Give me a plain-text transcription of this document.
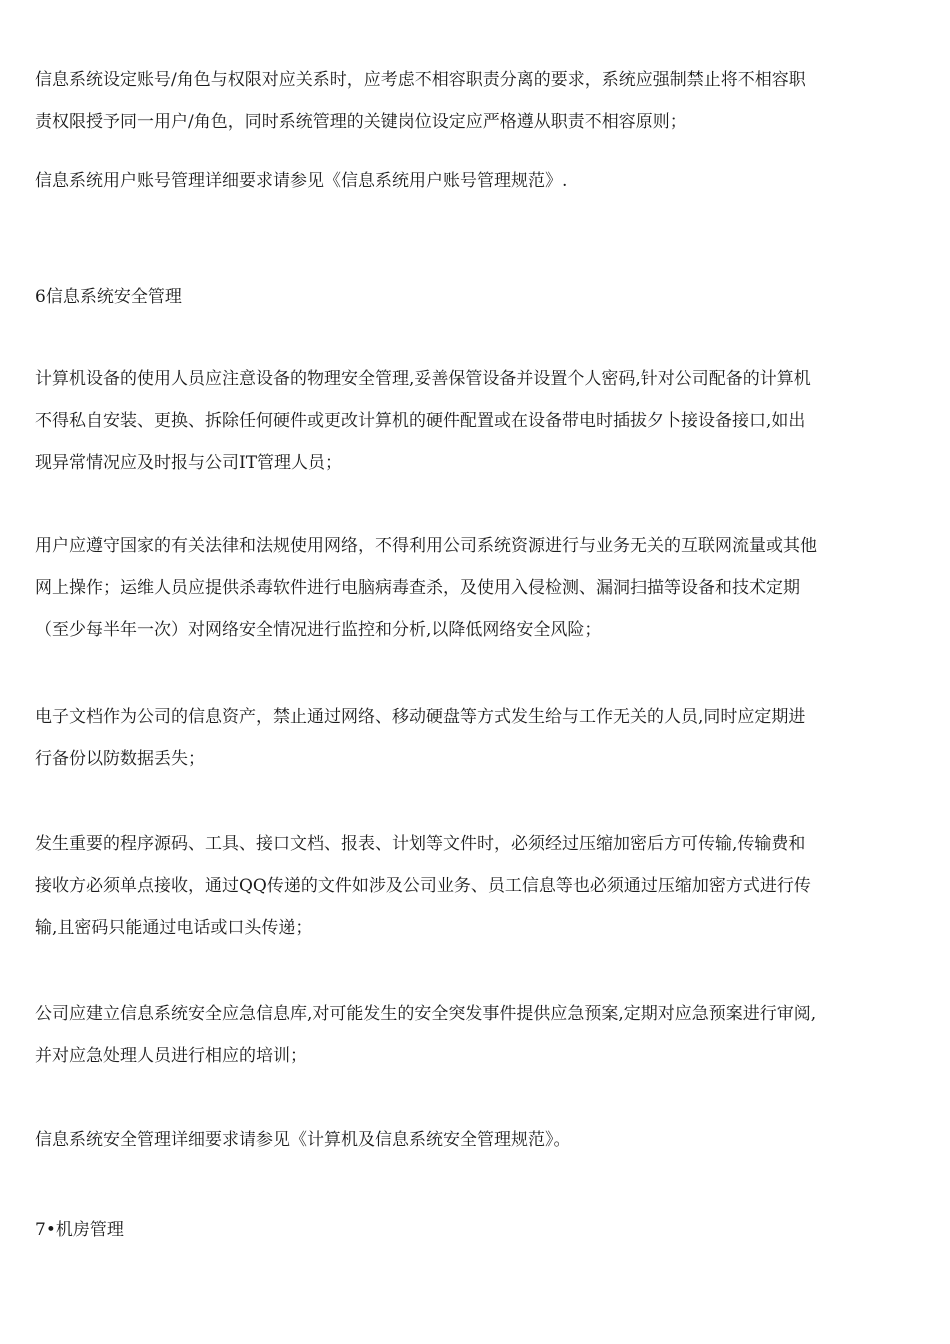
信息系统设定账号/角色与权限对应关系时，应考虑不相容职责分离的要求，系统应强制禁止将不相容职
责权限授予同一用户/角色，同时系统管理的关键岗位设定应严格遵从职责不相容原则；
信息系统用户账号管理详细要求请参见《信息系统用户账号管理规范》.
6信息系统安全管理
计算机设备的使用人员应注意设备的物理安全管理,妥善保管设备并设置个人密码,针对公司配备的计算机
不得私自安装、更换、拆除任何硬件或更改计算机的硬件配置或在设备带电时插拔夕卜接设备接口,如出
现异常情况应及时报与公司IT管理人员；
用户应遵守国家的有关法律和法规使用网络，不得利用公司系统资源进行与业务无关的互联网流量或其他
网上操作；运维人员应提供杀毒软件进行电脑病毒查杀，及使用入侵检测、漏洞扫描等设备和技术定期
（至少每半年一次）对网络安全情况进行监控和分析,以降低网络安全风险；
电子文档作为公司的信息资产，禁止通过网络、移动硬盘等方式发生给与工作无关的人员,同时应定期进
行备份以防数据丢失；
发生重要的程序源码、工具、接口文档、报表、计划等文件时，必须经过压缩加密后方可传输,传输费和
接收方必须单点接收，通过QQ传递的文件如涉及公司业务、员工信息等也必须通过压缩加密方式进行传
输,且密码只能通过电话或口头传递；
公司应建立信息系统安全应急信息库,对可能发生的安全突发事件提供应急预案,定期对应急预案进行审阅,
并对应急处理人员进行相应的培训；
信息系统安全管理详细要求请参见《计算机及信息系统安全管理规范》。
7•机房管理
